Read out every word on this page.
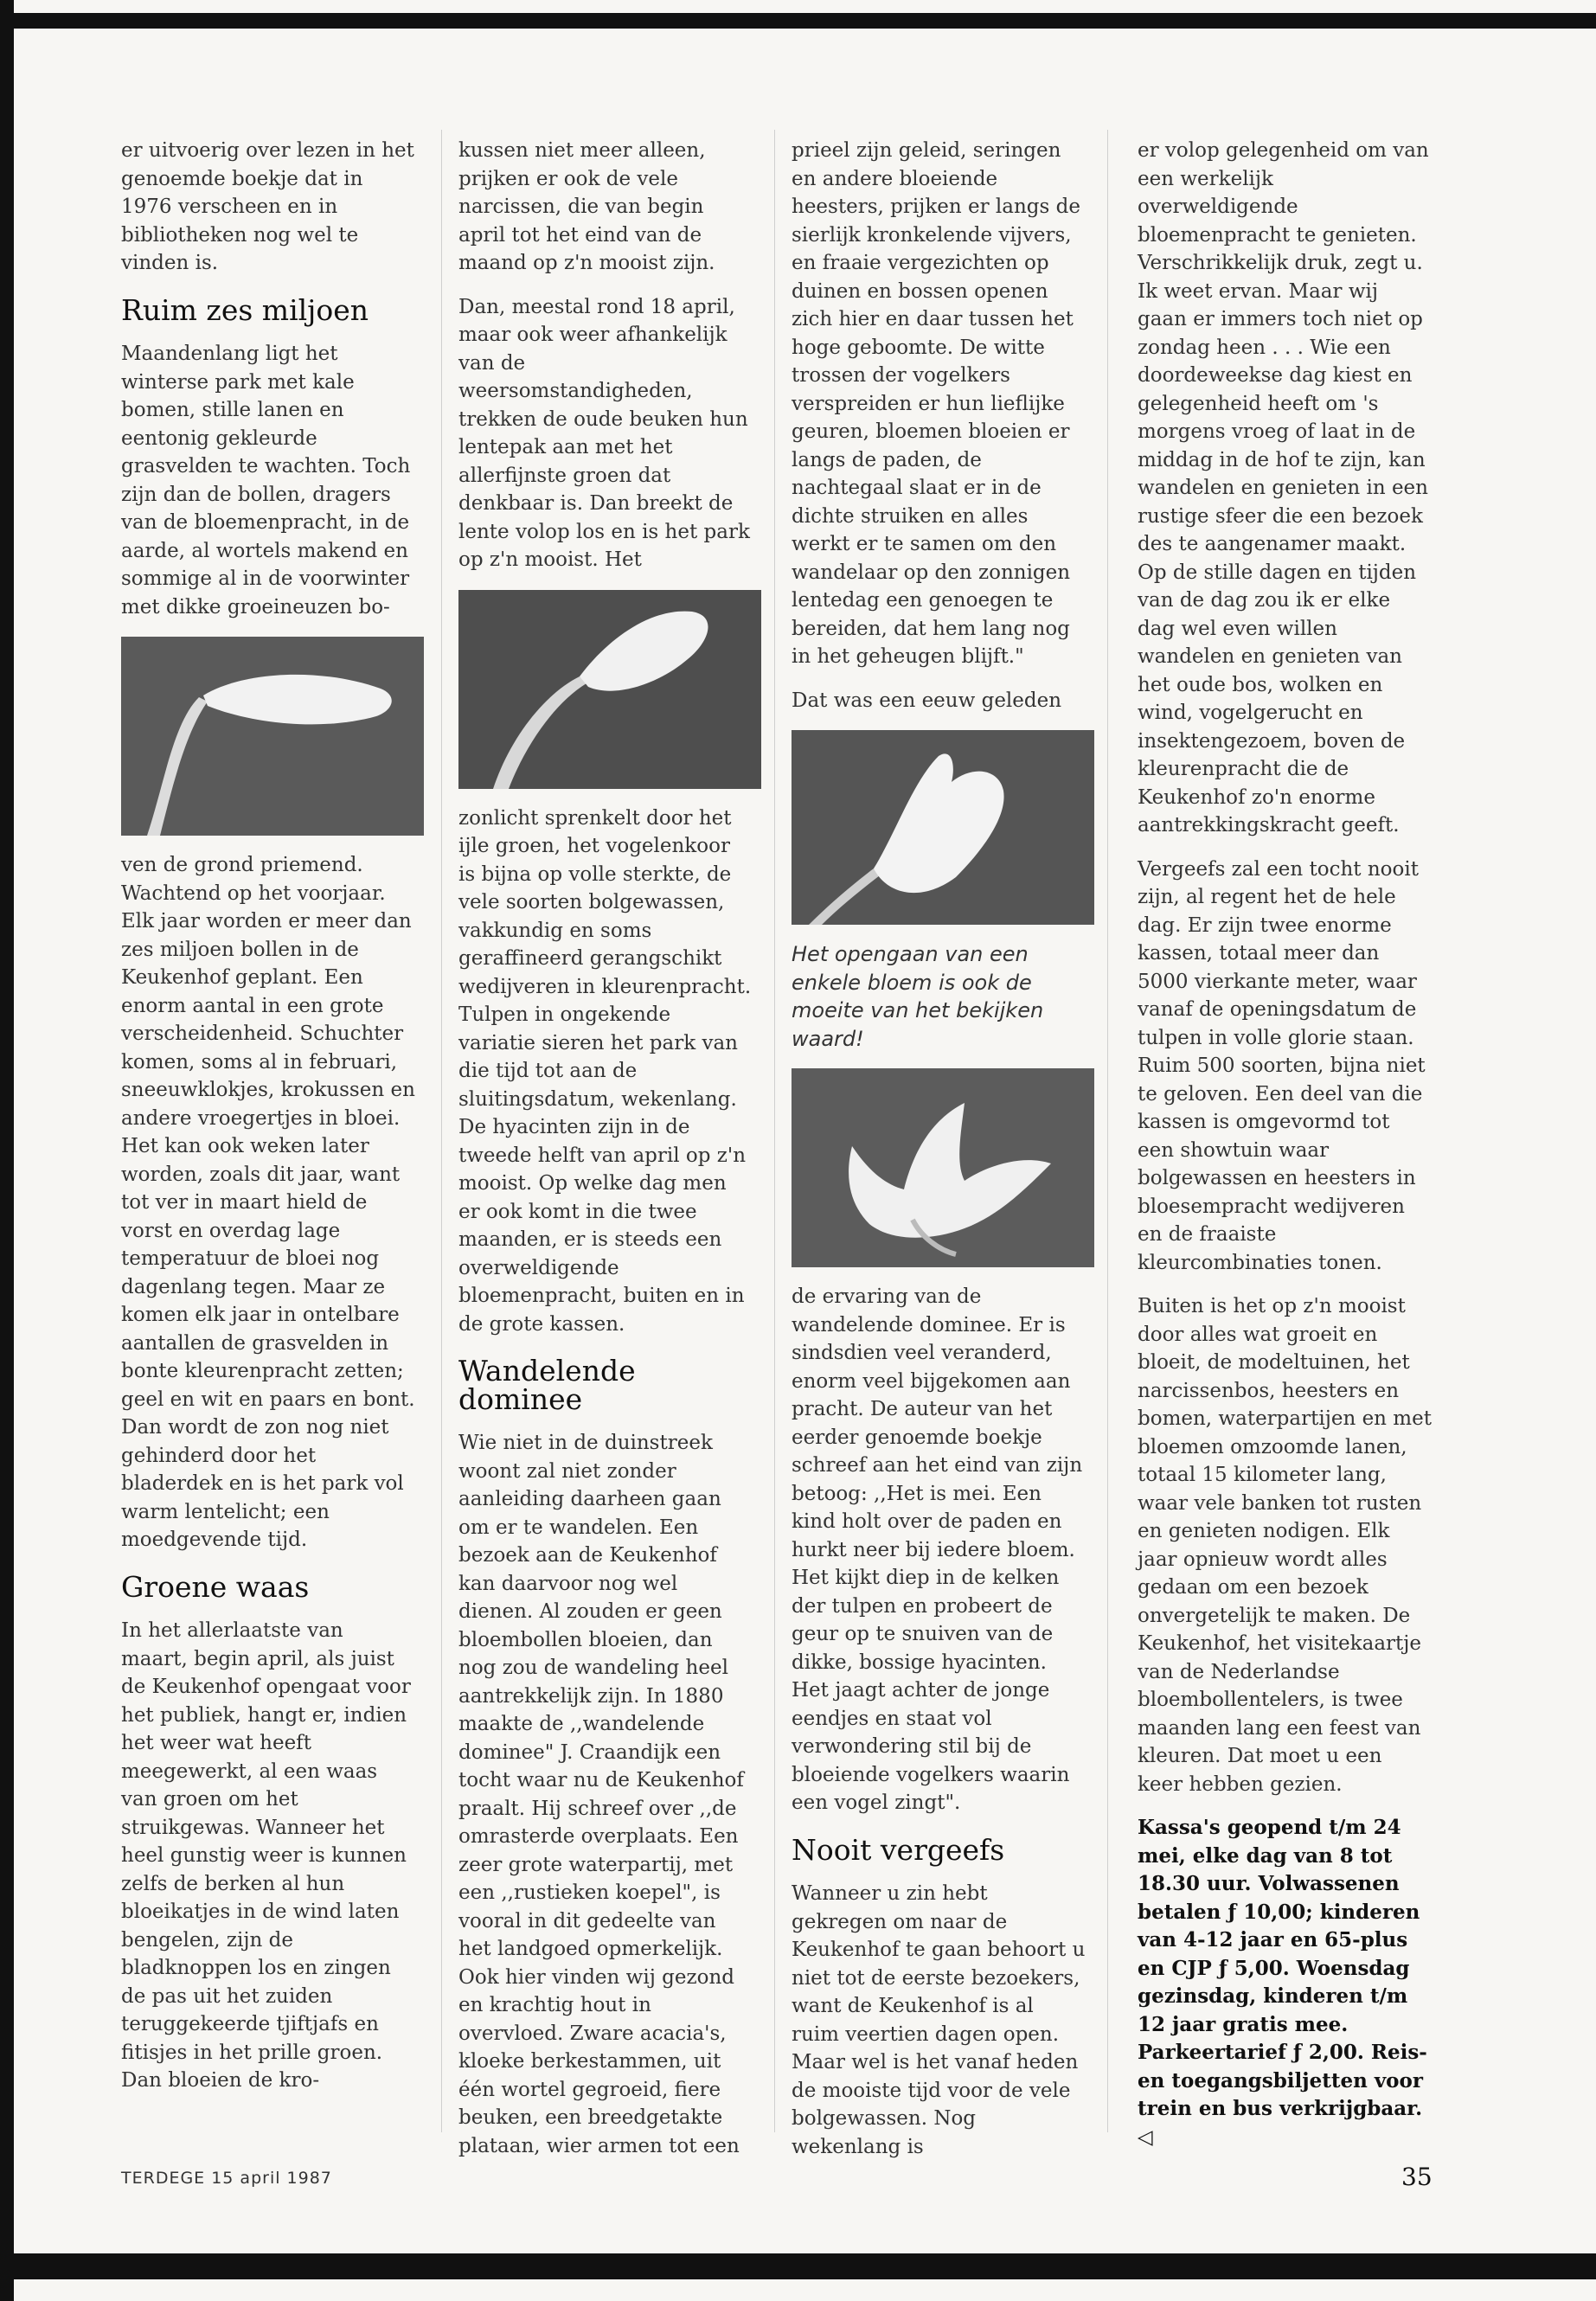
er uitvoerig over lezen in het genoemde boekje dat in 1976 verscheen en in bibliotheken nog wel te vinden is.

Ruim zes miljoen

Maandenlang ligt het winterse park met kale bomen, stille lanen en eentonig gekleurde grasvelden te wachten. Toch zijn dan de bollen, dragers van de bloemenpracht, in de aarde, al wortels makend en sommige al in de voorwinter met dikke groeineuzen bo-

ven de grond priemend. Wachtend op het voorjaar. Elk jaar worden er meer dan zes miljoen bollen in de Keukenhof geplant. Een enorm aantal in een grote verscheidenheid. Schuchter komen, soms al in februari, sneeuwklokjes, krokussen en andere vroegertjes in bloei. Het kan ook weken later worden, zoals dit jaar, want tot ver in maart hield de vorst en overdag lage temperatuur de bloei nog dagenlang tegen. Maar ze komen elk jaar in ontelbare aantallen de grasvelden in bonte kleurenpracht zetten; geel en wit en paars en bont. Dan wordt de zon nog niet gehinderd door het bladerdek en is het park vol warm lentelicht; een moedgevende tijd.

Groene waas

In het allerlaatste van maart, begin april, als juist de Keukenhof opengaat voor het publiek, hangt er, indien het weer wat heeft meegewerkt, al een waas van groen om het struikgewas. Wanneer het heel gunstig weer is kunnen zelfs de berken al hun bloeikatjes in de wind laten bengelen, zijn de bladknoppen los en zingen de pas uit het zuiden teruggekeerde tjiftjafs en fitisjes in het prille groen. Dan bloeien de kro-

kussen niet meer alleen, prijken er ook de vele narcissen, die van begin april tot het eind van de maand op z'n mooist zijn.

Dan, meestal rond 18 april, maar ook weer afhankelijk van de weersomstandigheden, trekken de oude beuken hun lentepak aan met het allerfijnste groen dat denkbaar is. Dan breekt de lente volop los en is het park op z'n mooist. Het

zonlicht sprenkelt door het ijle groen, het vogelenkoor is bijna op volle sterkte, de vele soorten bolgewassen, vakkundig en soms geraffineerd gerangschikt wedijveren in kleurenpracht. Tulpen in ongekende variatie sieren het park van die tijd tot aan de sluitingsdatum, wekenlang. De hyacinten zijn in de tweede helft van april op z'n mooist. Op welke dag men er ook komt in die twee maanden, er is steeds een overweldigende bloemenpracht, buiten en in de grote kassen.

Wandelende dominee

Wie niet in de duinstreek woont zal niet zonder aanleiding daarheen gaan om er te wandelen. Een bezoek aan de Keukenhof kan daarvoor nog wel dienen. Al zouden er geen bloembollen bloeien, dan nog zou de wandeling heel aantrekkelijk zijn. In 1880 maakte de ,,wandelende dominee" J. Craandijk een tocht waar nu de Keukenhof praalt. Hij schreef over ,,de omrasterde overplaats. Een zeer grote waterpartij, met een ,,rustieken koepel", is vooral in dit gedeelte van het landgoed opmerkelijk. Ook hier vinden wij gezond en krachtig hout in overvloed. Zware acacia's, kloeke berkestammen, uit één wortel gegroeid, fiere beuken, een breedgetakte plataan, wier armen tot een

prieel zijn geleid, seringen en andere bloeiende heesters, prijken er langs de sierlijk kronkelende vijvers, en fraaie vergezichten op duinen en bossen openen zich hier en daar tussen het hoge geboomte. De witte trossen der vogelkers verspreiden er hun lieflijke geuren, bloemen bloeien er langs de paden, de nachtegaal slaat er in de dichte struiken en alles werkt er te samen om den wandelaar op den zonnigen lentedag een genoegen te bereiden, dat hem lang nog in het geheugen blijft."

Dat was een eeuw geleden

Het opengaan van een enkele bloem is ook de moeite van het bekijken waard!

de ervaring van de wandelende dominee. Er is sindsdien veel veranderd, enorm veel bijgekomen aan pracht. De auteur van het eerder genoemde boekje schreef aan het eind van zijn betoog: ,,Het is mei. Een kind holt over de paden en hurkt neer bij iedere bloem. Het kijkt diep in de kelken der tulpen en probeert de geur op te snuiven van de dikke, bossige hyacinten. Het jaagt achter de jonge eendjes en staat vol verwondering stil bij de bloeiende vogelkers waarin een vogel zingt".

Nooit vergeefs

Wanneer u zin hebt gekregen om naar de Keukenhof te gaan behoort u niet tot de eerste bezoekers, want de Keukenhof is al ruim veertien dagen open. Maar wel is het vanaf heden de mooiste tijd voor de vele bolgewassen. Nog wekenlang is

er volop gelegenheid om van een werkelijk overweldigende bloemenpracht te genieten. Verschrikkelijk druk, zegt u. Ik weet ervan. Maar wij gaan er immers toch niet op zondag heen . . . Wie een doordeweekse dag kiest en gelegenheid heeft om 's morgens vroeg of laat in de middag in de hof te zijn, kan wandelen en genieten in een rustige sfeer die een bezoek des te aangenamer maakt. Op de stille dagen en tijden van de dag zou ik er elke dag wel even willen wandelen en genieten van het oude bos, wolken en wind, vogelgerucht en insektengezoem, boven de kleurenpracht die de Keukenhof zo'n enorme aantrekkingskracht geeft.

Vergeefs zal een tocht nooit zijn, al regent het de hele dag. Er zijn twee enorme kassen, totaal meer dan 5000 vierkante meter, waar vanaf de openingsdatum de tulpen in volle glorie staan. Ruim 500 soorten, bijna niet te geloven. Een deel van die kassen is omgevormd tot een showtuin waar bolgewassen en heesters in bloesempracht wedijveren en de fraaiste kleurcombinaties tonen.

Buiten is het op z'n mooist door alles wat groeit en bloeit, de modeltuinen, het narcissenbos, heesters en bomen, waterpartijen en met bloemen omzoomde lanen, totaal 15 kilometer lang, waar vele banken tot rusten en genieten nodigen. Elk jaar opnieuw wordt alles gedaan om een bezoek onvergetelijk te maken. De Keukenhof, het visitekaartje van de Nederlandse bloembollentelers, is twee maanden lang een feest van kleuren. Dat moet u een keer hebben gezien.

Kassa's geopend t/m 24 mei, elke dag van 8 tot 18.30 uur. Volwassenen betalen ƒ 10,00; kinderen van 4-12 jaar en 65-plus en CJP ƒ 5,00. Woensdag gezinsdag, kinderen t/m 12 jaar gratis mee. Parkeertarief ƒ 2,00. Reis- en toegangsbiljetten voor trein en bus verkrijgbaar. ◁

TERDEGE 15 april 1987	35
